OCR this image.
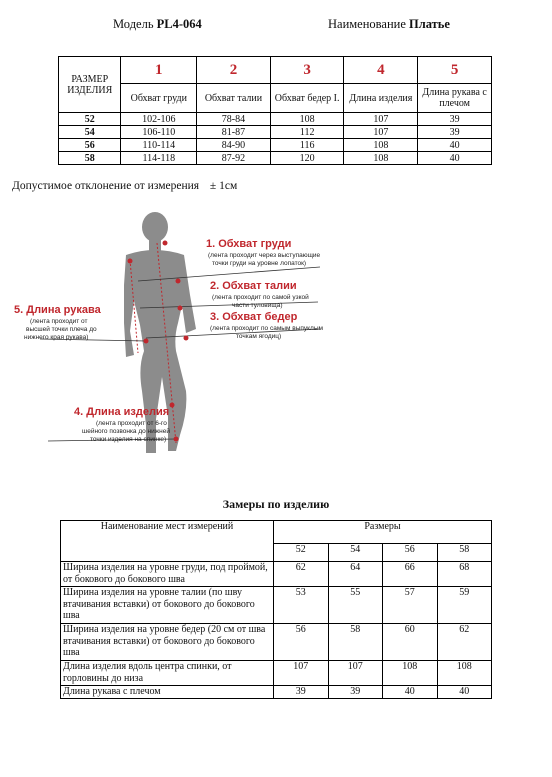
Модель PL4-064	Наименование Платье
РАЗМЕР ИЗДЕЛИЯ	1	2	3	4	5
	Обхват груди	Обхват талии	Обхват бедер I.	Длина изделия	Длина рукава с плечом
52	102-106	78-84	108	107	39
54	106-110	81-87	112	107	39
56	110-114	84-90	116	108	40
58	114-118	87-92	120	108	40
Допустимое отклонение от измерения ± 1см
1. Обхват груди
(лента проходит через выступающие
точки груди на уровне лопаток)
2. Обхват талии
(лента проходит по самой узкой
части туловища)
3. Обхват бедер
(лента проходит по самым выпуклым
точкам ягодиц)
5. Длина рукава
(лента проходит от
высшей точки плеча до
нижнего края рукава)
4. Длина изделия
(лента проходит от 6-го
шейного позвонка до нижней
точки изделия на спинке)
Замеры по изделию
Наименование мест измерений	Размеры			
	52	54	56	58
Ширина изделия на уровне груди, под проймой, от бокового до бокового шва	62	64	66	68
Ширина изделия на уровне талии (по шву втачивания вставки) от бокового до бокового шва	53	55	57	59
Ширина изделия на уровне бедер (20 см от шва втачивания вставки) от бокового до бокового шва	56	58	60	62
Длина изделия вдоль центра спинки, от горловины до низа	107	107	108	108
Длина рукава с плечом	39	39	40	40
